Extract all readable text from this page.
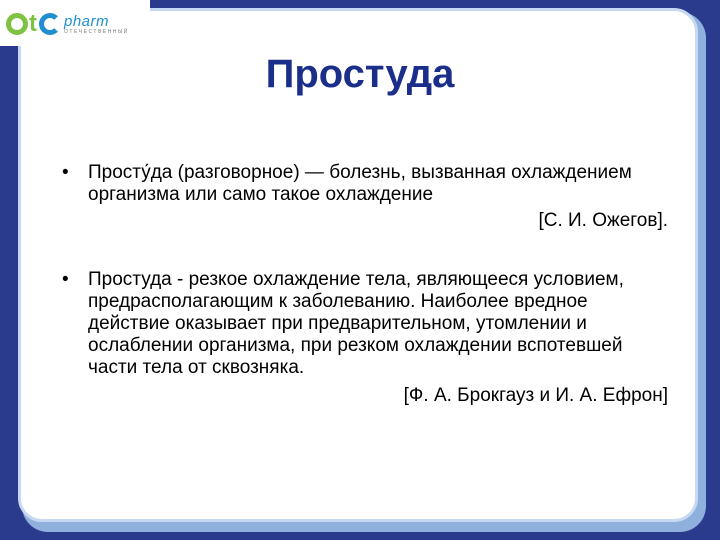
t pharm
ОТЕЧЕСТВЕННЫЙ
Простуда
• Просту́да (разговорное) — болезнь, вызванная охлаждением организма или само такое охлаждение

[С. И. Ожегов].
• Простуда - резкое охлаждение тела, являющееся условием, предрасполагающим к заболеванию. Наиболее вредное действие оказывает при предварительном, утомлении и ослаблении организма, при резком охлаждении вспотевшей части тела от сквозняка.

[Ф. А. Брокгауз и И. А. Ефрон]
